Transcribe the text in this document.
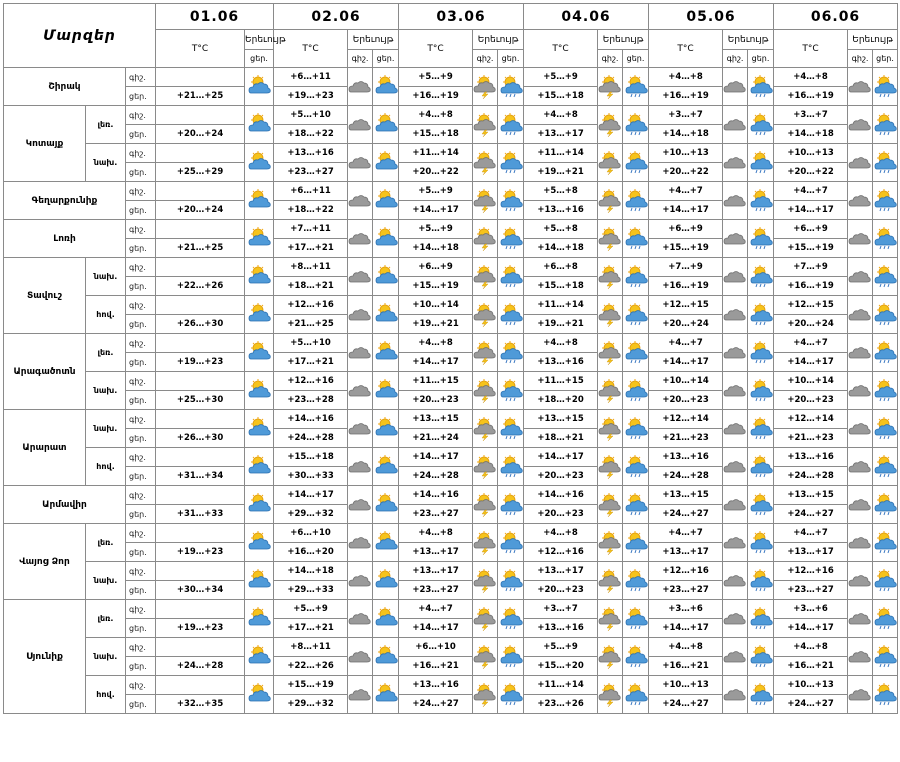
Մարզեր			01.06		02.06			03.06			04.06			05.06			06.06		
			T°C	Երեւույթ	T°C	Երեւույթ		T°C	Երեւույթ		T°C	Երեւույթ		T°C	Երեւույթ		T°C	Երեւույթ	
				ցեր.		գիշ.	ցեր.		գիշ.	ցեր.		գիշ.	ցեր.		գիշ.	ցեր.		գիշ.	ցեր.
Շիրակ		գիշ.			+6…+11			+5…+9			+5…+9			+4…+8			+4…+8	

		ցեր.	+21…+25		+19…+23			+16…+19			+15…+18			+16…+19			+16…+19		
Կոտայք	լեռ.	գիշ.			+5…+10			+4…+8			+4…+8			+3…+7			+3…+7	

		ցեր.	+20…+24		+18…+22			+15…+18			+13…+17			+14…+18			+14…+18		
	նախ.	գիշ.			+13…+16			+11…+14			+11…+14			+10…+13			+10…+13	

		ցեր.	+25…+29		+23…+27			+20…+22			+19…+21			+20…+22			+20…+22		
Գեղարքունիք		գիշ.			+6…+11			+5…+9			+5…+8			+4…+7			+4…+7	

		ցեր.	+20…+24		+18…+22			+14…+17			+13…+16			+14…+17			+14…+17		
Լոռի		գիշ.			+7…+11			+5…+9			+5…+8			+6…+9			+6…+9	

		ցեր.	+21…+25		+17…+21			+14…+18			+14…+18			+15…+19			+15…+19		
Տավուշ	նախ.	գիշ.			+8…+11			+6…+9			+6…+8			+7…+9			+7…+9	

		ցեր.	+22…+26		+18…+21			+15…+19			+15…+18			+16…+19			+16…+19		
	հով.	գիշ.			+12…+16			+10…+14			+11…+14			+12…+15			+12…+15	

		ցեր.	+26…+30		+21…+25			+19…+21			+19…+21			+20…+24			+20…+24		
Արագածոտն	լեռ.	գիշ.			+5…+10			+4…+8			+4…+8			+4…+7			+4…+7	

		ցեր.	+19…+23		+17…+21			+14…+17			+13…+16			+14…+17			+14…+17		
	նախ.	գիշ.			+12…+16			+11…+15			+11…+15			+10…+14			+10…+14	

		ցեր.	+25…+30		+23…+28			+20…+23			+18…+20			+20…+23			+20…+23		
Արարատ	նախ.	գիշ.			+14…+16			+13…+15			+13…+15			+12…+14			+12…+14	

		ցեր.	+26…+30		+24…+28			+21…+24			+18…+21			+21…+23			+21…+23		
	հով.	գիշ.			+15…+18			+14…+17			+14…+17			+13…+16			+13…+16	

		ցեր.	+31…+34		+30…+33			+24…+28			+20…+23			+24…+28			+24…+28		
Արմավիր		գիշ.			+14…+17			+14…+16			+14…+16			+13…+15			+13…+15	

		ցեր.	+31…+33		+29…+32			+23…+27			+20…+23			+24…+27			+24…+27		
Վայոց Ձոր	լեռ.	գիշ.			+6…+10			+4…+8			+4…+8			+4…+7			+4…+7	

		ցեր.	+19…+23		+16…+20			+13…+17			+12…+16			+13…+17			+13…+17		
	նախ.	գիշ.			+14…+18			+13…+17			+13…+17			+12…+16			+12…+16	

		ցեր.	+30…+34		+29…+33			+23…+27			+20…+23			+23…+27			+23…+27		
Սյունիք	լեռ.	գիշ.			+5…+9			+4…+7			+3…+7			+3…+6			+3…+6	

		ցեր.	+19…+23		+17…+21			+14…+17			+13…+16			+14…+17			+14…+17		
	նախ.	գիշ.			+8…+11			+6…+10			+5…+9			+4…+8			+4…+8	

		ցեր.	+24…+28		+22…+26			+16…+21			+15…+20			+16…+21			+16…+21		
	հով.	գիշ.			+15…+19			+13…+16			+11…+14			+10…+13			+10…+13	

		ցեր.	+32…+35		+29…+32			+24…+27			+23…+26			+24…+27			+24…+27		
